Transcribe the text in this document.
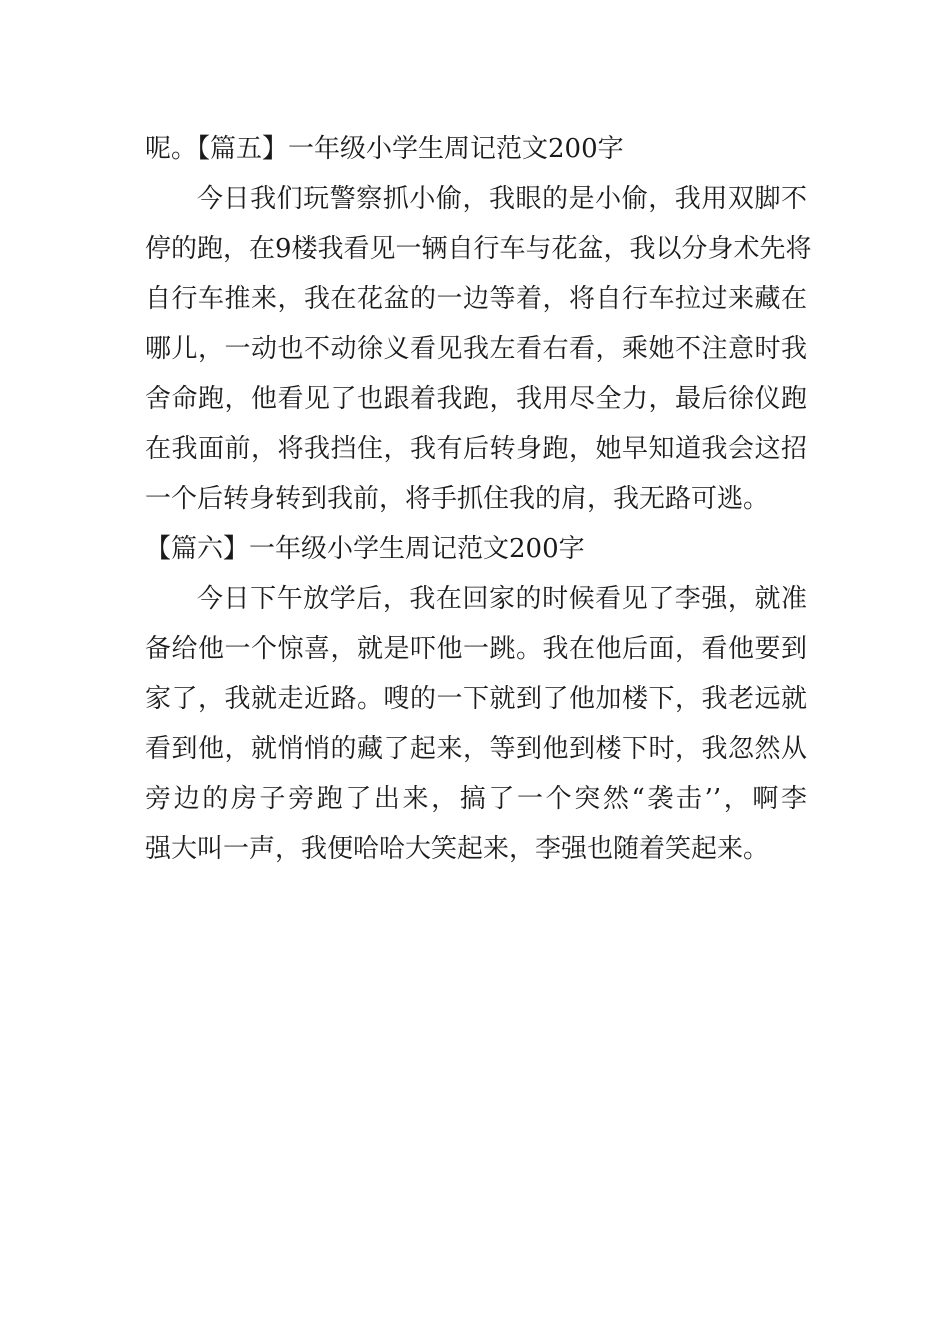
呢。【篇五】一年级小学生周记范文200字
今日我们玩警察抓小偷，我眼的是小偷，我用双脚不
停的跑，在9楼我看见一辆自行车与花盆，我以分身术先将
自行车推来，我在花盆的一边等着，将自行车拉过来藏在
哪儿，一动也不动徐义看见我左看右看，乘她不注意时我
舍命跑，他看见了也跟着我跑，我用尽全力，最后徐仪跑
在我面前，将我挡住，我有后转身跑，她早知道我会这招
一个后转身转到我前，将手抓住我的肩，我无路可逃。
【篇六】一年级小学生周记范文200字
今日下午放学后，我在回家的时候看见了李强，就准
备给他一个惊喜，就是吓他一跳。我在他后面，看他要到
家了，我就走近路。嗖的一下就到了他加楼下，我老远就
看到他，就悄悄的藏了起来，等到他到楼下时，我忽然从
旁边的房子旁跑了出来，搞了一个突然“袭击’’，啊李
强大叫一声，我便哈哈大笑起来，李强也随着笑起来。
